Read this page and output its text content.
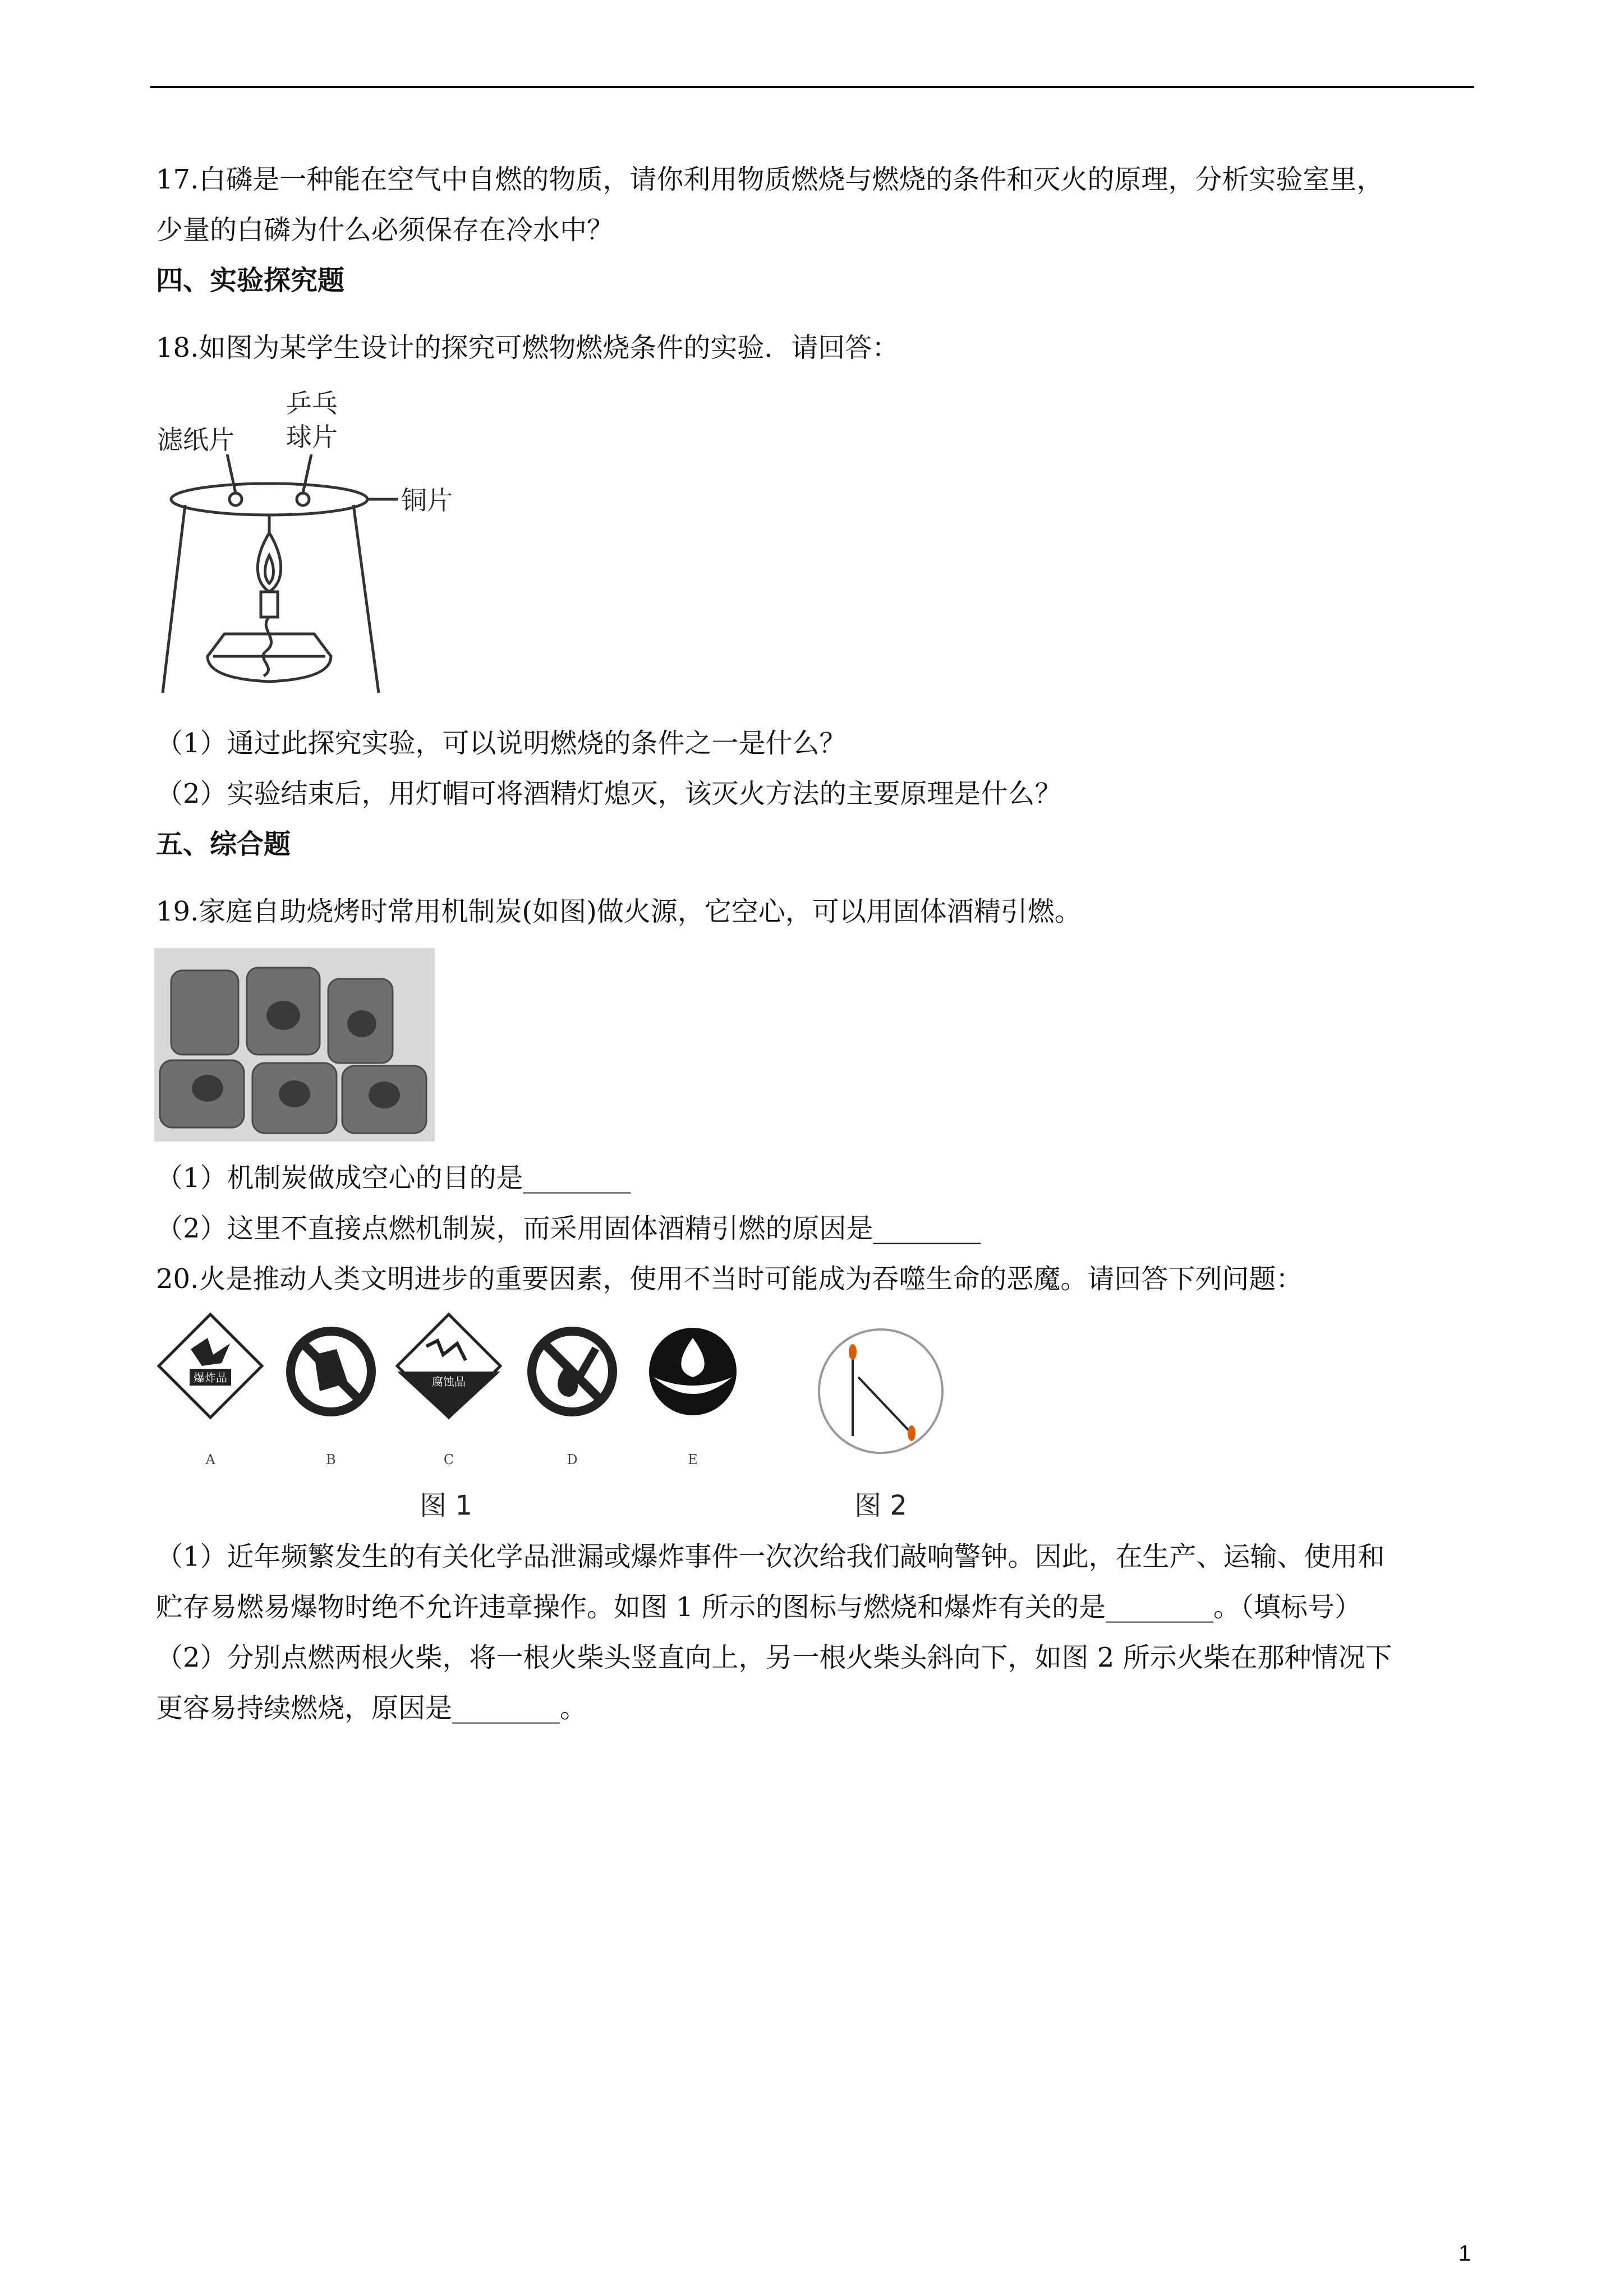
17.白磷是一种能在空气中自燃的物质，请你利用物质燃烧与燃烧的条件和灭火的原理，分析实验室里，
少量的白磷为什么必须保存在冷水中？
四、实验探究题
18.如图为某学生设计的探究可燃物燃烧条件的实验．请回答：
滤纸片
乒乓
球片
铜片
（1）通过此探究实验，可以说明燃烧的条件之一是什么？
（2）实验结束后，用灯帽可将酒精灯熄灭，该灭火方法的主要原理是什么？
五、综合题
19.家庭自助烧烤时常用机制炭(如图)做火源，它空心，可以用固体酒精引燃。
（1）机制炭做成空心的目的是________
（2）这里不直接点燃机制炭，而采用固体酒精引燃的原因是________
20.火是推动人类文明进步的重要因素，使用不当时可能成为吞噬生命的恶魔。请回答下列问题：
爆炸品
A	B
腐蚀品
C	D	E
图 1	图 2
（1）近年频繁发生的有关化学品泄漏或爆炸事件一次次给我们敲响警钟。因此，在生产、运输、使用和
贮存易燃易爆物时绝不允许违章操作。如图 1 所示的图标与燃烧和爆炸有关的是________。（填标号）
（2）分别点燃两根火柴，将一根火柴头竖直向上，另一根火柴头斜向下，如图 2 所示火柴在那种情况下
更容易持续燃烧，原因是________。
1
